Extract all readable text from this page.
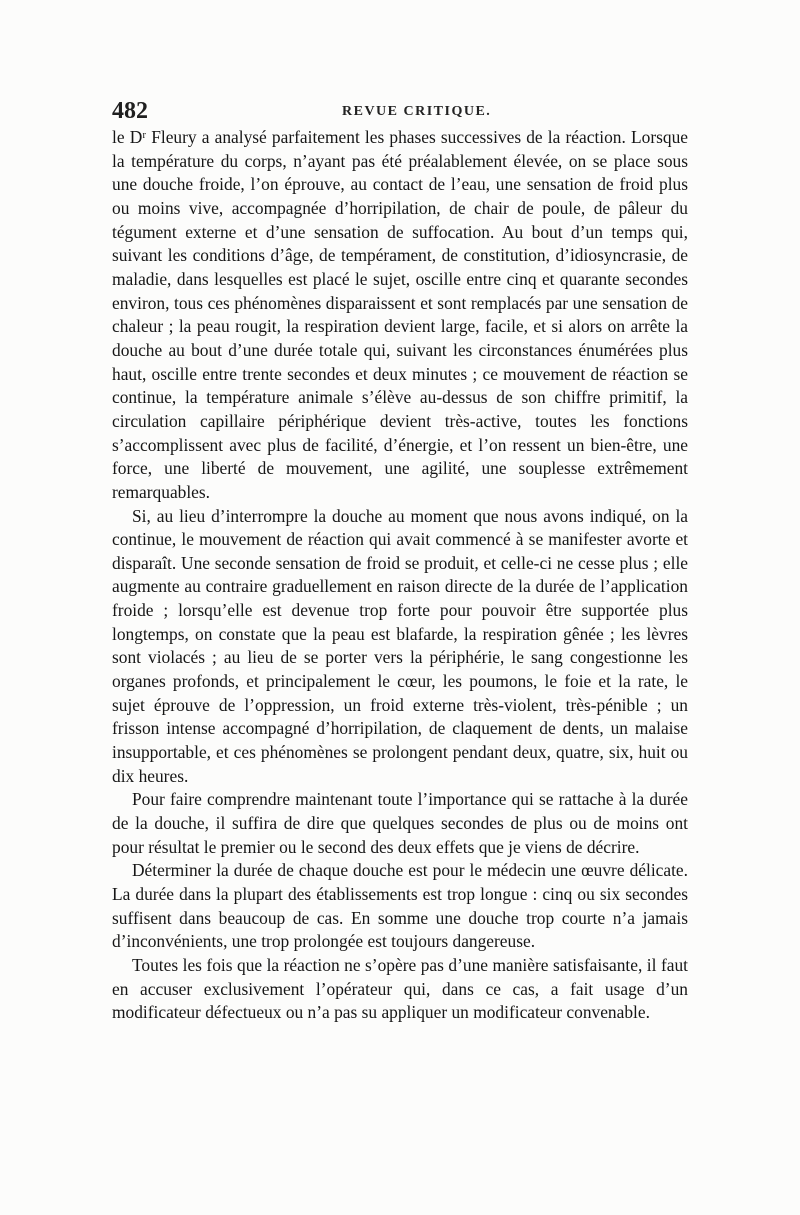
482	REVUE CRITIQUE.

le Dʳ Fleury a analysé parfaitement les phases successives de la réaction. Lorsque la température du corps, n’ayant pas été préalablement élevée, on se place sous une douche froide, l’on éprouve, au contact de l’eau, une sensation de froid plus ou moins vive, accompagnée d’horripilation, de chair de poule, de pâleur du tégument externe et d’une sensation de suffocation. Au bout d’un temps qui, suivant les conditions d’âge, de tempérament, de constitution, d’idiosyncrasie, de maladie, dans lesquelles est placé le sujet, oscille entre cinq et quarante secondes environ, tous ces phénomènes disparaissent et sont remplacés par une sensation de chaleur ; la peau rougit, la respiration devient large, facile, et si alors on arrête la douche au bout d’une durée totale qui, suivant les circonstances énumérées plus haut, oscille entre trente secondes et deux minutes ; ce mouvement de réaction se continue, la température animale s’élève au-dessus de son chiffre primitif, la circulation capillaire périphérique devient très-active, toutes les fonctions s’accomplissent avec plus de facilité, d’énergie, et l’on ressent un bien-être, une force, une liberté de mouvement, une agilité, une souplesse extrêmement remarquables.

Si, au lieu d’interrompre la douche au moment que nous avons indiqué, on la continue, le mouvement de réaction qui avait commencé à se manifester avorte et disparaît. Une seconde sensation de froid se produit, et celle-ci ne cesse plus ; elle augmente au contraire graduellement en raison directe de la durée de l’application froide ; lorsqu’elle est devenue trop forte pour pouvoir être supportée plus longtemps, on constate que la peau est blafarde, la respiration gênée ; les lèvres sont violacés ; au lieu de se porter vers la périphérie, le sang congestionne les organes profonds, et principalement le cœur, les poumons, le foie et la rate, le sujet éprouve de l’oppression, un froid externe très-violent, très-pénible ; un frisson intense accompagné d’horripilation, de claquement de dents, un malaise insupportable, et ces phénomènes se prolongent pendant deux, quatre, six, huit ou dix heures.

Pour faire comprendre maintenant toute l’importance qui se rattache à la durée de la douche, il suffira de dire que quelques secondes de plus ou de moins ont pour résultat le premier ou le second des deux effets que je viens de décrire.

Déterminer la durée de chaque douche est pour le médecin une œuvre délicate. La durée dans la plupart des établissements est trop longue : cinq ou six secondes suffisent dans beaucoup de cas. En somme une douche trop courte n’a jamais d’inconvénients, une trop prolongée est toujours dangereuse.

Toutes les fois que la réaction ne s’opère pas d’une manière satisfaisante, il faut en accuser exclusivement l’opérateur qui, dans ce cas, a fait usage d’un modificateur défectueux ou n’a pas su appliquer un modificateur convenable.
